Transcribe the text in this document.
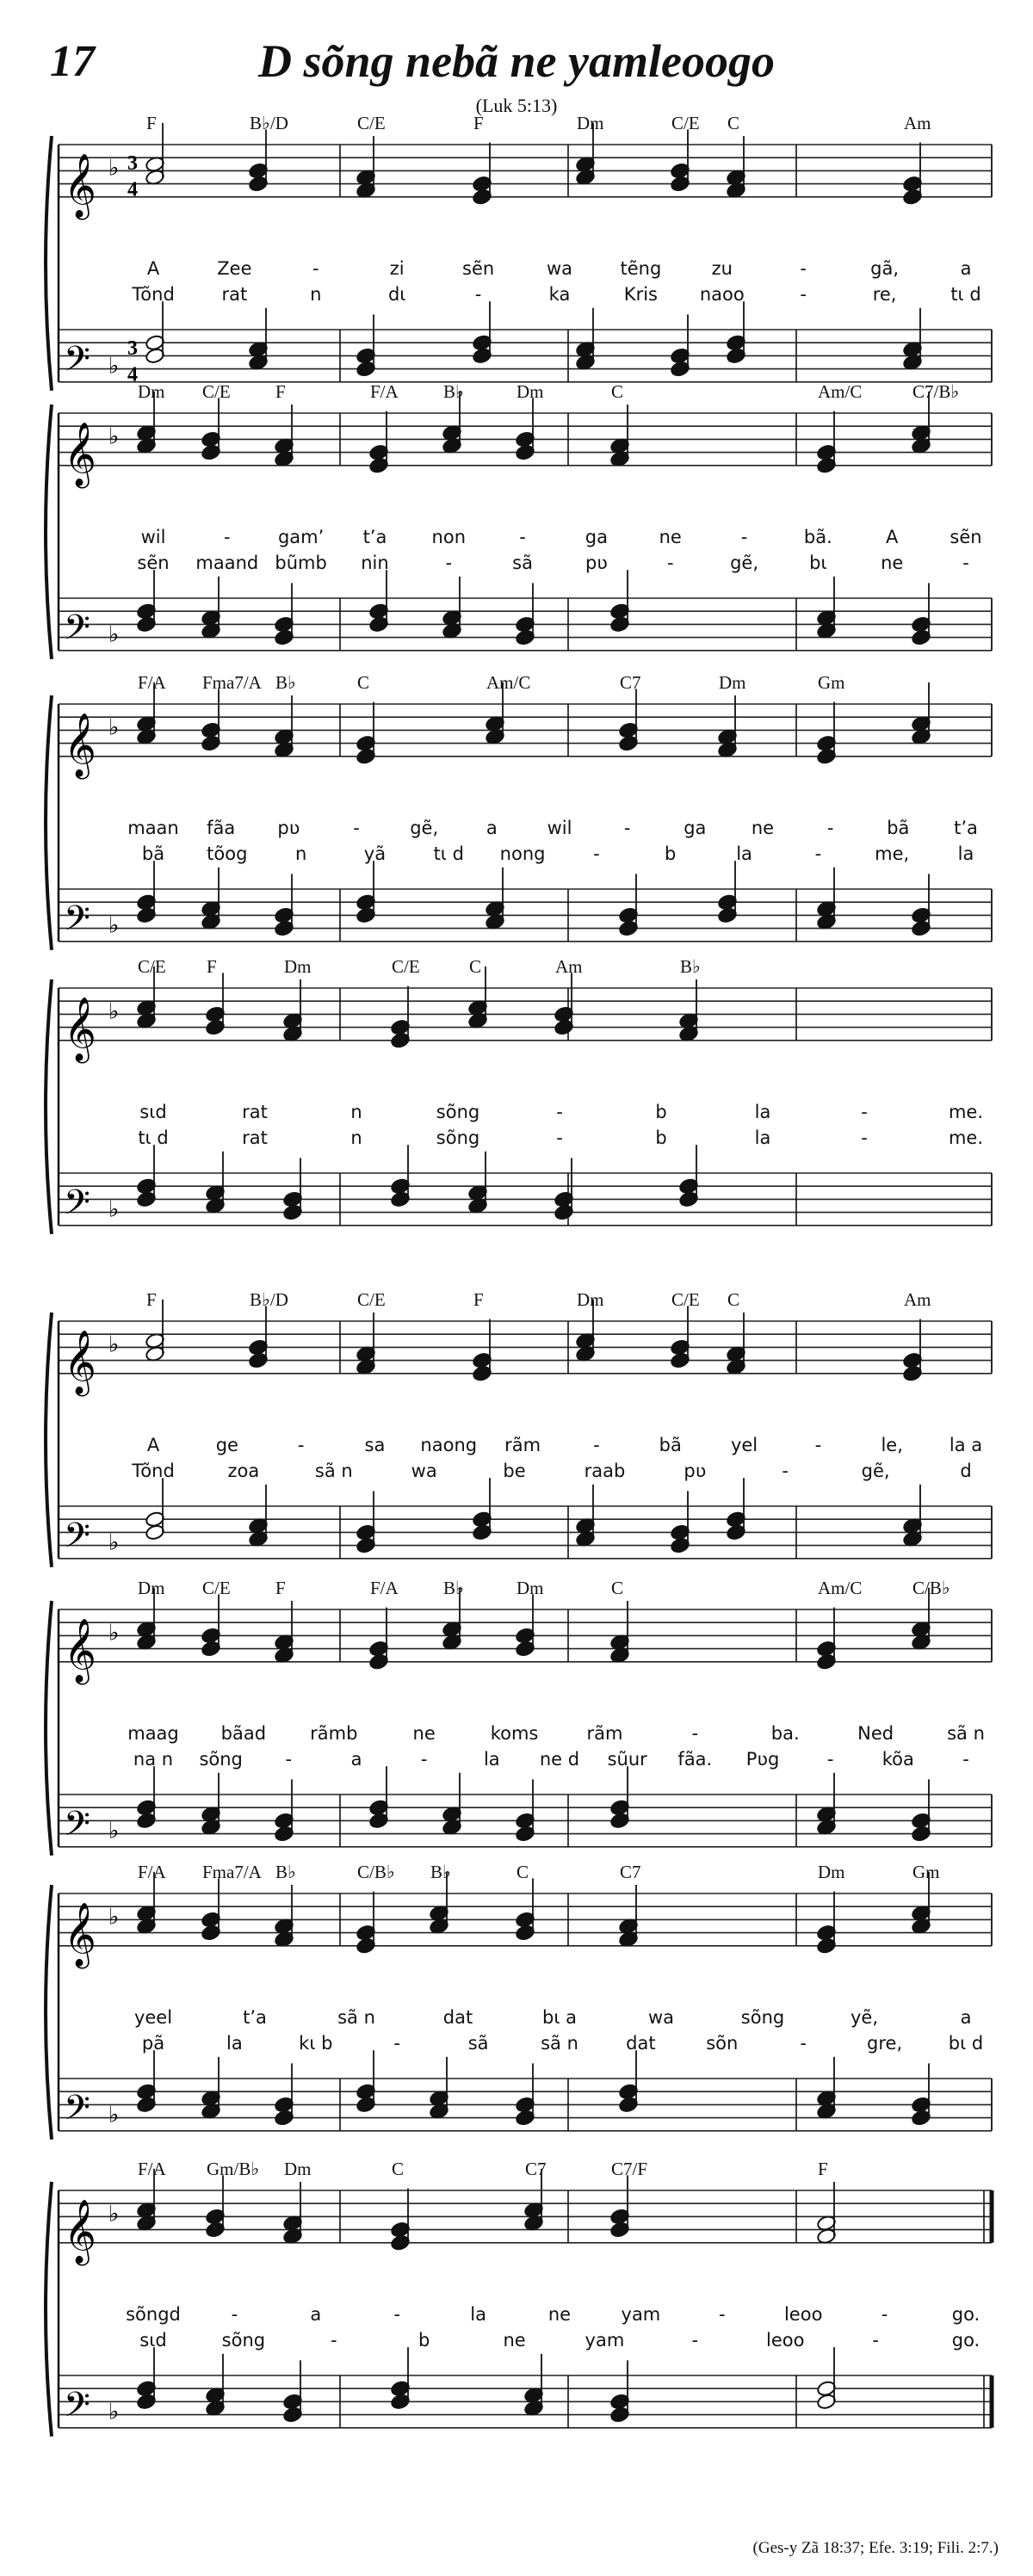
17	D sõng nebã ne yamleoogo
(Luk 5:13)
𝄞
𝄢
♭
♭
3
4
3
4
F	B♭/D	C/E	F	Dm	C/E C	Am
A	Zee	-	zi	sẽn	wa	tẽng	zu	-	gã,	a
Tõnd	rat	n	dɩ	-	ka	Kris naoo	-	re,	tɩ d
𝄞
𝄢
♭
♭
Dm C/E F	F/A B♭	Dm	C	Am/C	C7/B♭
wil	-	gam’ t’a non	-	ga	ne	-	bã.	A	sẽn
sẽn maand bũmb nin	-	sã	pʋ	-	gẽ,	bɩ	ne	-
𝄞
𝄢
♭
♭
F/A Fma7/A B♭	C	Am/C	C7	Dm	Gm
maan fãa pʋ	-	gẽ,	a	wil	-	ga ne	-	bã t’a
bã tõog	n	yã	tɩ d nong	-	b	la	-	me,	la
𝄞
𝄢
♭
♭
C/E F	Dm	C/E	C	Am	B♭
sɩd	rat	n	sõng	-	b	la	-	me.
tɩ d	rat	n	sõng	-	b	la	-	me.
𝄞
𝄢
♭
♭
F	B♭/D	C/E	F	Dm	C/E C	Am
A	ge	-	sa naong rãm	-	bã	yel	-	le,	la a
Tõnd	zoa	sã n	wa	be	raab	pʋ	-	gẽ,	d
𝄞
𝄢
♭
♭
Dm C/E F	F/A B♭	Dm	C	Am/C	C/B♭
maag bãad rãmb	ne	koms	rãm	-	ba.	Ned	sã n
na n sõng -	a	-	la ne d sũur fãa. Pʋg	-	kõa	-
𝄞
𝄢
♭
♭
F/A Fma7/A B♭	C/B♭ B♭	C	C7	Dm	Gm
yeel	t’a	sã n	dat	bɩ a	wa	sõng	yẽ,	a
pã	la	kɩ b	-	sã	sã n	dat	sõn	-	gre,	bɩ d
𝄞
𝄢
♭
♭
F/A Gm/B♭ Dm	C	C7	C7/F	F
sõngd	-	a	-	la	ne	yam	-	leoo	-	go.
sɩd	sõng	-	b	ne	yam	-	leoo	-	go.
(Ges-y Zã 18:37; Efe. 3:19; Fili. 2:7.)
